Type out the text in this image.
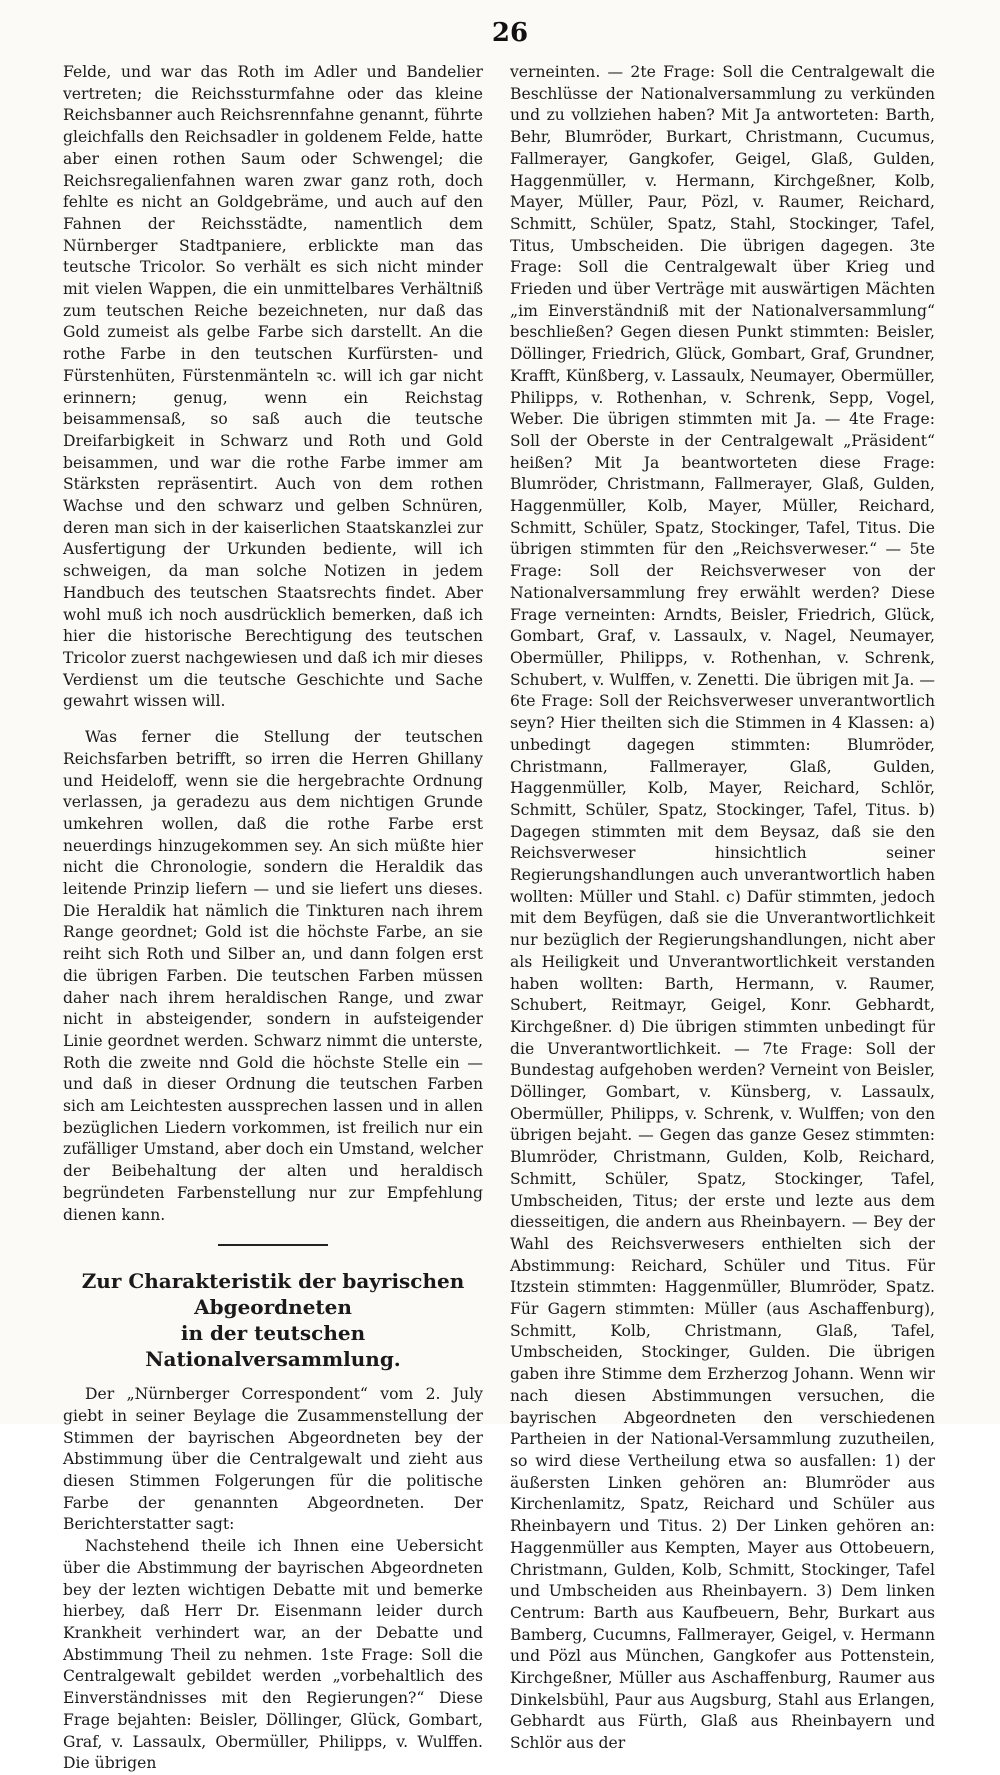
26

Felde, und war das Roth im Adler und Bandelier vertreten; die Reichssturmfahne oder das kleine Reichsbanner auch Reichsrennfahne genannt, führte gleichfalls den Reichsadler in goldenem Felde, hatte aber einen rothen Saum oder Schwengel; die Reichsregalienfahnen waren zwar ganz roth, doch fehlte es nicht an Goldgebräme, und auch auf den Fahnen der Reichsstädte, namentlich dem Nürnberger Stadtpaniere, erblickte man das teutsche Tricolor. So verhält es sich nicht minder mit vielen Wappen, die ein unmittelbares Verhältniß zum teutschen Reiche bezeichneten, nur daß das Gold zumeist als gelbe Farbe sich darstellt. An die rothe Farbe in den teutschen Kurfürsten- und Fürstenhüten, Fürstenmänteln ꝛc. will ich gar nicht erinnern; genug, wenn ein Reichstag beisammensaß, so saß auch die teutsche Dreifarbigkeit in Schwarz und Roth und Gold beisammen, und war die rothe Farbe immer am Stärksten repräsentirt. Auch von dem rothen Wachse und den schwarz und gelben Schnüren, deren man sich in der kaiserlichen Staatskanzlei zur Ausfertigung der Urkunden bediente, will ich schweigen, da man solche Notizen in jedem Handbuch des teutschen Staatsrechts findet. Aber wohl muß ich noch ausdrücklich bemerken, daß ich hier die historische Berechtigung des teutschen Tricolor zuerst nachgewiesen und daß ich mir dieses Verdienst um die teutsche Geschichte und Sache gewahrt wissen will.

Was ferner die Stellung der teutschen Reichsfarben betrifft, so irren die Herren Ghillany und Heideloff, wenn sie die hergebrachte Ordnung verlassen, ja geradezu aus dem nichtigen Grunde umkehren wollen, daß die rothe Farbe erst neuerdings hinzugekommen sey. An sich müßte hier nicht die Chronologie, sondern die Heraldik das leitende Prinzip liefern — und sie liefert uns dieses. Die Heraldik hat nämlich die Tinkturen nach ihrem Range geordnet; Gold ist die höchste Farbe, an sie reiht sich Roth und Silber an, und dann folgen erst die übrigen Farben. Die teutschen Farben müssen daher nach ihrem heraldischen Range, und zwar nicht in absteigender, sondern in aufsteigender Linie geordnet werden. Schwarz nimmt die unterste, Roth die zweite nnd Gold die höchste Stelle ein — und daß in dieser Ordnung die teutschen Farben sich am Leichtesten aussprechen lassen und in allen bezüglichen Liedern vorkommen, ist freilich nur ein zufälliger Umstand, aber doch ein Umstand, welcher der Beibehaltung der alten und heraldisch begründeten Farbenstellung nur zur Empfehlung dienen kann.

Zur Charakteristik der bayrischen Abgeordneten
in der teutschen Nationalversammlung.

Der „Nürnberger Correspondent“ vom 2. July giebt in seiner Beylage die Zusammenstellung der Stimmen der bayrischen Abgeordneten bey der Abstimmung über die Centralgewalt und zieht aus diesen Stimmen Folgerungen für die politische Farbe der genannten Abgeordneten. Der Berichterstatter sagt:

Nachstehend theile ich Ihnen eine Uebersicht über die Abstimmung der bayrischen Abgeordneten bey der lezten wichtigen Debatte mit und bemerke hierbey, daß Herr Dr. Eisenmann leider durch Krankheit verhindert war, an der Debatte und Abstimmung Theil zu nehmen. 1ste Frage: Soll die Centralgewalt gebildet werden „vorbehaltlich des Einverständnisses mit den Regierungen?“ Diese Frage bejahten: Beisler, Döllinger, Glück, Gombart, Graf, v. Lassaulx, Obermüller, Philipps, v. Wulffen. Die übrigen

verneinten. — 2te Frage: Soll die Centralgewalt die Beschlüsse der Nationalversammlung zu verkünden und zu vollziehen haben? Mit Ja antworteten: Barth, Behr, Blumröder, Burkart, Christmann, Cucumus, Fallmerayer, Gangkofer, Geigel, Glaß, Gulden, Haggenmüller, v. Hermann, Kirchgeßner, Kolb, Mayer, Müller, Paur, Pözl, v. Raumer, Reichard, Schmitt, Schüler, Spatz, Stahl, Stockinger, Tafel, Titus, Umbscheiden. Die übrigen dagegen. 3te Frage: Soll die Centralgewalt über Krieg und Frieden und über Verträge mit auswärtigen Mächten „im Einverständniß mit der Nationalversammlung“ beschließen? Gegen diesen Punkt stimmten: Beisler, Döllinger, Friedrich, Glück, Gombart, Graf, Grundner, Krafft, Künßberg, v. Lassaulx, Neumayer, Obermüller, Philipps, v. Rothenhan, v. Schrenk, Sepp, Vogel, Weber. Die übrigen stimmten mit Ja. — 4te Frage: Soll der Oberste in der Centralgewalt „Präsident“ heißen? Mit Ja beantworteten diese Frage: Blumröder, Christmann, Fallmerayer, Glaß, Gulden, Haggenmüller, Kolb, Mayer, Müller, Reichard, Schmitt, Schüler, Spatz, Stockinger, Tafel, Titus. Die übrigen stimmten für den „Reichsverweser.“ — 5te Frage: Soll der Reichsverweser von der Nationalversammlung frey erwählt werden? Diese Frage verneinten: Arndts, Beisler, Friedrich, Glück, Gombart, Graf, v. Lassaulx, v. Nagel, Neumayer, Obermüller, Philipps, v. Rothenhan, v. Schrenk, Schubert, v. Wulffen, v. Zenetti. Die übrigen mit Ja. — 6te Frage: Soll der Reichsverweser unverantwortlich seyn? Hier theilten sich die Stimmen in 4 Klassen: a) unbedingt dagegen stimmten: Blumröder, Christmann, Fallmerayer, Glaß, Gulden, Haggenmüller, Kolb, Mayer, Reichard, Schlör, Schmitt, Schüler, Spatz, Stockinger, Tafel, Titus. b) Dagegen stimmten mit dem Beysaz, daß sie den Reichsverweser hinsichtlich seiner Regierungshandlungen auch unverantwortlich haben wollten: Müller und Stahl. c) Dafür stimmten, jedoch mit dem Beyfügen, daß sie die Unverantwortlichkeit nur bezüglich der Regierungshandlungen, nicht aber als Heiligkeit und Unverantwortlichkeit verstanden haben wollten: Barth, Hermann, v. Raumer, Schubert, Reitmayr, Geigel, Konr. Gebhardt, Kirchgeßner. d) Die übrigen stimmten unbedingt für die Unverantwortlichkeit. — 7te Frage: Soll der Bundestag aufgehoben werden? Verneint von Beisler, Döllinger, Gombart, v. Künsberg, v. Lassaulx, Obermüller, Philipps, v. Schrenk, v. Wulffen; von den übrigen bejaht. — Gegen das ganze Gesez stimmten: Blumröder, Christmann, Gulden, Kolb, Reichard, Schmitt, Schüler, Spatz, Stockinger, Tafel, Umbscheiden, Titus; der erste und lezte aus dem diesseitigen, die andern aus Rheinbayern. — Bey der Wahl des Reichsverwesers enthielten sich der Abstimmung: Reichard, Schüler und Titus. Für Itzstein stimmten: Haggenmüller, Blumröder, Spatz. Für Gagern stimmten: Müller (aus Aschaffenburg), Schmitt, Kolb, Christmann, Glaß, Tafel, Umbscheiden, Stockinger, Gulden. Die übrigen gaben ihre Stimme dem Erzherzog Johann. Wenn wir nach diesen Abstimmungen versuchen, die bayrischen Abgeordneten den verschiedenen Partheien in der National-Versammlung zuzutheilen, so wird diese Vertheilung etwa so ausfallen: 1) der äußersten Linken gehören an: Blumröder aus Kirchenlamitz, Spatz, Reichard und Schüler aus Rheinbayern und Titus. 2) Der Linken gehören an: Haggenmüller aus Kempten, Mayer aus Ottobeuern, Christmann, Gulden, Kolb, Schmitt, Stockinger, Tafel und Umbscheiden aus Rheinbayern. 3) Dem linken Centrum: Barth aus Kaufbeuern, Behr, Burkart aus Bamberg, Cucumns, Fallmerayer, Geigel, v. Hermann und Pözl aus München, Gangkofer aus Pottenstein, Kirchgeßner, Müller aus Aschaffenburg, Raumer aus Dinkelsbühl, Paur aus Augsburg, Stahl aus Erlangen, Gebhardt aus Fürth, Glaß aus Rheinbayern und Schlör aus der
